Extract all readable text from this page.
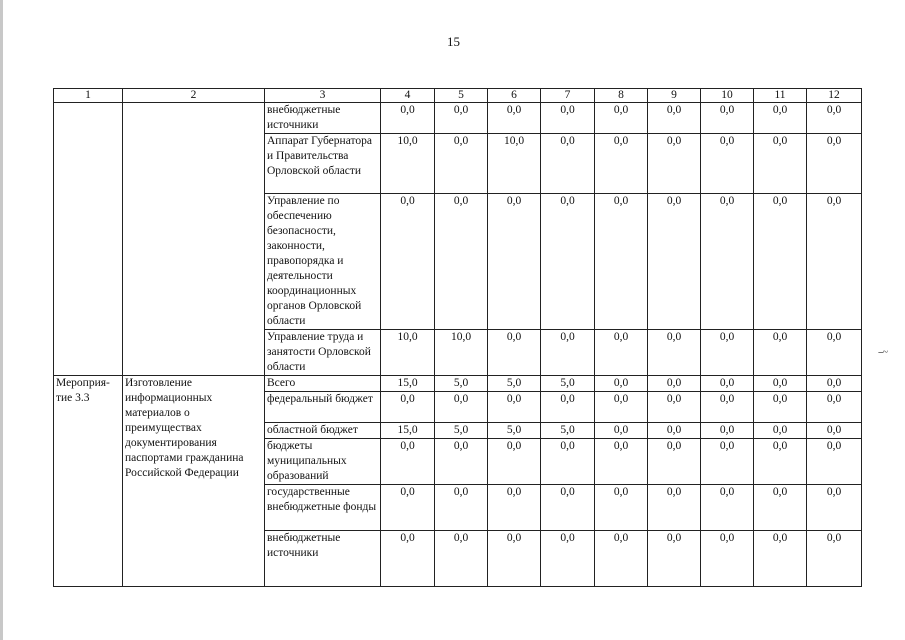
15
--~
1	2	3	4	5	6	7	8	9	10	11	12
		внебюджетные источники	0,0	0,0	0,0	0,0	0,0	0,0	0,0	0,0	0,0
		Аппарат Губернатора и Правительства Орловской области	10,0	0,0	10,0	0,0	0,0	0,0	0,0	0,0	0,0
		Управление по обеспечению безопасности, законности, правопорядка и деятельности координационных органов Орловской области	0,0	0,0	0,0	0,0	0,0	0,0	0,0	0,0	0,0
		Управление труда и занятости Орловской области	10,0	10,0	0,0	0,0	0,0	0,0	0,0	0,0	0,0
Мероприя-тие 3.3	Изготовление информационных материалов о преимуществах документирования паспортами гражданина Российской Федерации	Всего	15,0	5,0	5,0	5,0	0,0	0,0	0,0	0,0	0,0
		федеральный бюджет	0,0	0,0	0,0	0,0	0,0	0,0	0,0	0,0	0,0
		областной бюджет	15,0	5,0	5,0	5,0	0,0	0,0	0,0	0,0	0,0
		бюджеты муниципальных образований	0,0	0,0	0,0	0,0	0,0	0,0	0,0	0,0	0,0
		государственные внебюджетные фонды	0,0	0,0	0,0	0,0	0,0	0,0	0,0	0,0	0,0
		внебюджетные источники	0,0	0,0	0,0	0,0	0,0	0,0	0,0	0,0	0,0
